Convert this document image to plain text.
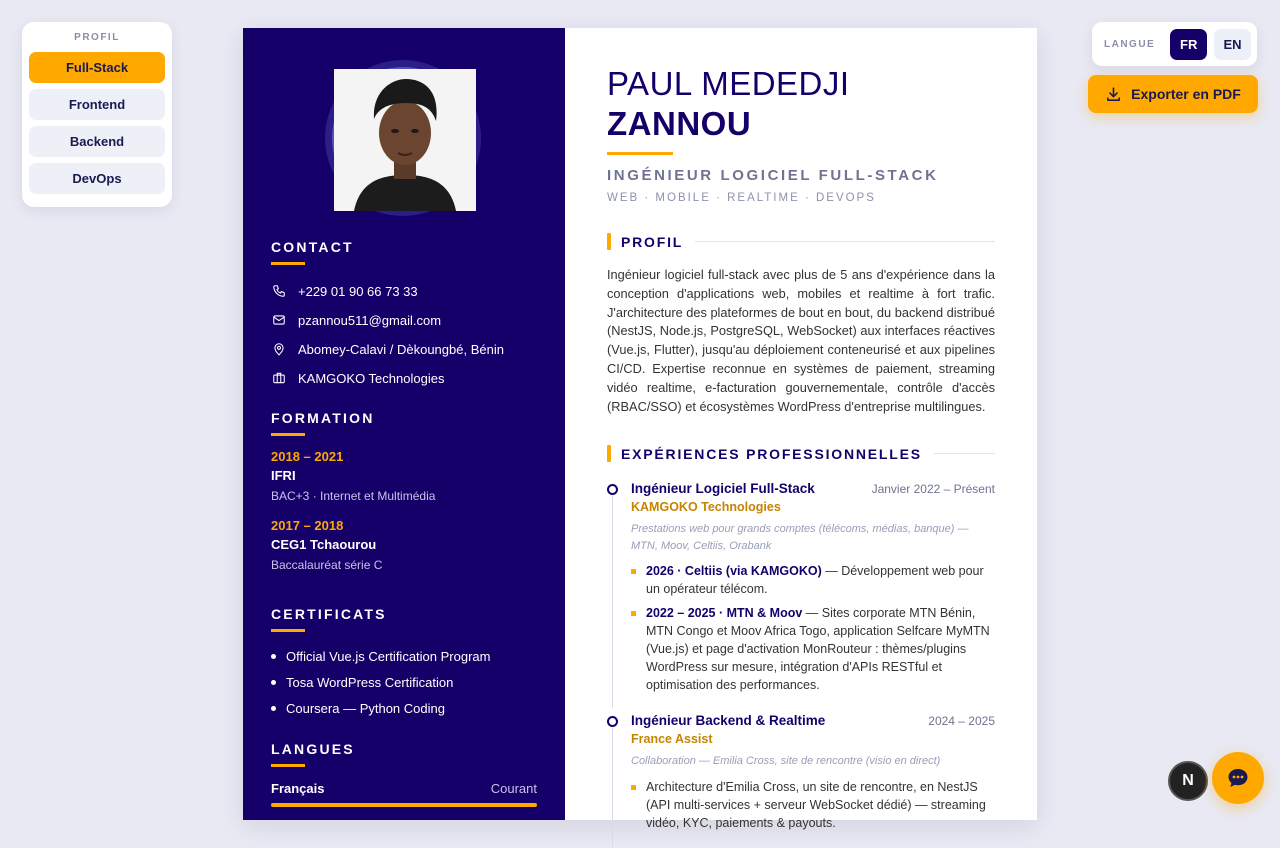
PROFIL
Full-Stack
Frontend
Backend
DevOps
LANGUE	FR	EN
Exporter en PDF
CONTACT
+229 01 90 66 73 33
pzannou511@gmail.com
Abomey-Calavi / Dèkoungbé, Bénin
KAMGOKO Technologies
FORMATION
2018 – 2021
IFRI
BAC+3 · Internet et Multimédia
2017 – 2018
CEG1 Tchaourou
Baccalauréat série C
CERTIFICATS
Official Vue.js Certification Program
Tosa WordPress Certification
Coursera — Python Coding
LANGUES
Français	Courant
PAUL MEDEDJI ZANNOU
INGÉNIEUR LOGICIEL FULL-STACK
WEB · MOBILE · REALTIME · DEVOPS
PROFIL
Ingénieur logiciel full-stack avec plus de 5 ans d'expérience dans la conception d'applications web, mobiles et realtime à fort trafic. J'architecture des plateformes de bout en bout, du backend distribué (NestJS, Node.js, PostgreSQL, WebSocket) aux interfaces réactives (Vue.js, Flutter), jusqu'au déploiement conteneurisé et aux pipelines CI/CD. Expertise reconnue en systèmes de paiement, streaming vidéo realtime, e-facturation gouvernementale, contrôle d'accès (RBAC/SSO) et écosystèmes WordPress d'entreprise multilingues.
EXPÉRIENCES PROFESSIONNELLES
Ingénieur Logiciel Full-Stack	Janvier 2022 – Présent
KAMGOKO Technologies
Prestations web pour grands comptes (télécoms, médias, banque) — MTN, Moov, Celtiis, Orabank
2026 · Celtiis (via KAMGOKO) — Développement web pour un opérateur télécom.
2022 – 2025 · MTN & Moov — Sites corporate MTN Bénin, MTN Congo et Moov Africa Togo, application Selfcare MyMTN (Vue.js) et page d'activation MonRouteur : thèmes/plugins WordPress sur mesure, intégration d'APIs RESTful et optimisation des performances.
Ingénieur Backend & Realtime	2024 – 2025
France Assist
Collaboration — Emilia Cross, site de rencontre (visio en direct)
Architecture d'Emilia Cross, un site de rencontre, en NestJS (API multi-services + serveur WebSocket dédié) — streaming vidéo, KYC, paiements & payouts.
N
